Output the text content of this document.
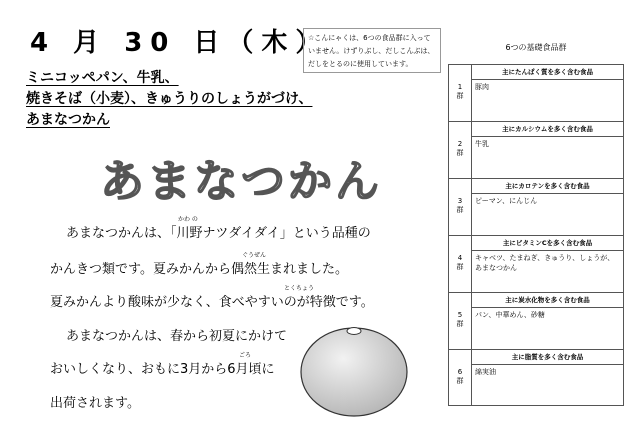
4 月 30 日（木）
☆こんにゃくは、6つの食品群に入っていません。けずりぶし、だしこんぶは、だしをとるのに使用しています。
ミニコッペパン、牛乳、
焼きそば（小麦）、きゅうりのしょうがづけ、
あまなつかん
あまなつかん
かわ の
ぐうぜん
とくちょう
ごろ
あまなつかんは、「川野ナツダイダイ」という品種の
かんきつ類です。夏みかんから偶然生まれました。
夏みかんより酸味が少なく、食べやすいのが特徴です。
あまなつかんは、春から初夏にかけて
おいしくなり、おもに3月から6月頃に
出荷されます。
6つの基礎食品群
1
群
主にたんぱく質を多く含む食品
豚肉
2
群
主にカルシウムを多く含む食品
牛乳
3
群
主にカロテンを多く含む食品
ピーマン、にんじん
4
群
主にビタミンCを多く含む食品
キャベツ、たまねぎ、きゅうり、しょうが、あまなつかん
5
群
主に炭水化物を多く含む食品
パン、中華めん、砂糖
6
群
主に脂質を多く含む食品
綿実油
